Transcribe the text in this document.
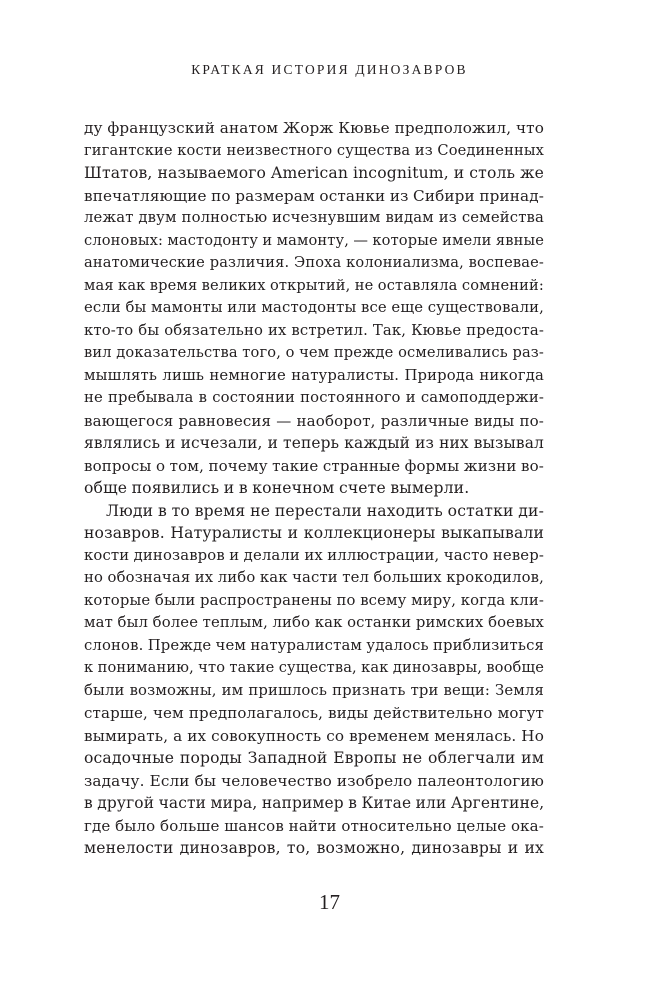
КРАТКАЯ ИСТОРИЯ ДИНОЗАВРОВ
ду французский анатом Жорж Кювье предположил, что
гигантские кости неизвестного существа из Соединенных
Штатов, называемого American incognitum, и столь же
впечатляющие по размерам останки из Сибири принад-
лежат двум полностью исчезнувшим видам из семейства
слоновых: мастодонту и мамонту, — которые имели явные
анатомические различия. Эпоха колониализма, воспевае-
мая как время великих открытий, не оставляла сомнений:
если бы мамонты или мастодонты все еще существовали,
кто-то бы обязательно их встретил. Так, Кювье предоста-
вил доказательства того, о чем прежде осмеливались раз-
мышлять лишь немногие натуралисты. Природа никогда
не пребывала в состоянии постоянного и самоподдержи-
вающегося равновесия — наоборот, различные виды по-
являлись и исчезали, и теперь каждый из них вызывал
вопросы о том, почему такие странные формы жизни во-
обще появились и в конечном счете вымерли.
Люди в то время не перестали находить остатки ди-
нозавров. Натуралисты и коллекционеры выкапывали
кости динозавров и делали их иллюстрации, часто невер-
но обозначая их либо как части тел больших крокодилов,
которые были распространены по всему миру, когда кли-
мат был более теплым, либо как останки римских боевых
слонов. Прежде чем натуралистам удалось приблизиться
к пониманию, что такие существа, как динозавры, вообще
были возможны, им пришлось признать три вещи: Земля
старше, чем предполагалось, виды действительно могут
вымирать, а их совокупность со временем менялась. Но
осадочные породы Западной Европы не облегчали им
задачу. Если бы человечество изобрело палеонтологию
в другой части мира, например в Китае или Аргентине,
где было больше шансов найти относительно целые ока-
менелости динозавров, то, возможно, динозавры и их
17
